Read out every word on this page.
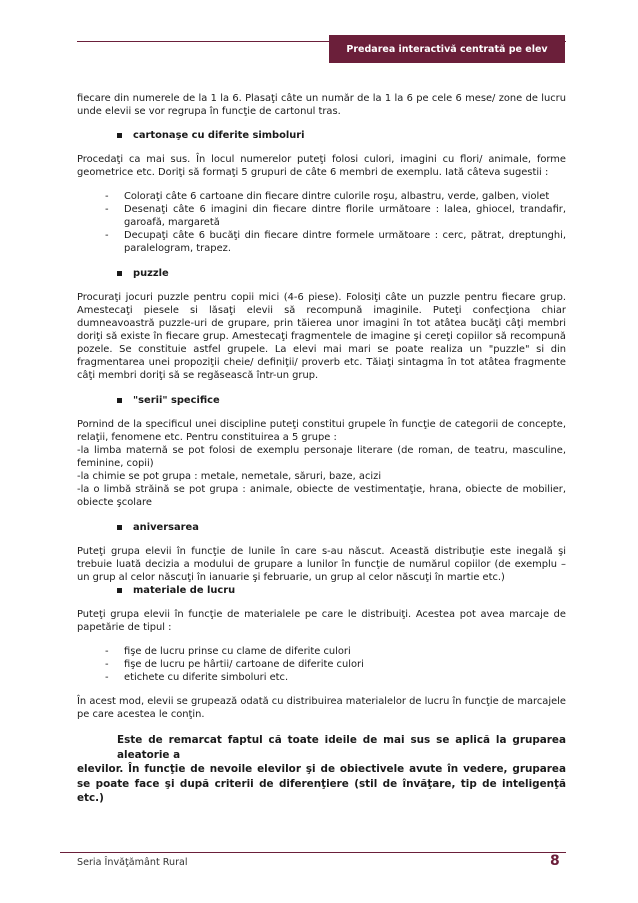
Predarea interactivă centrată pe elev

fiecare din numerele de la 1 la 6. Plasaţi câte un număr de la 1 la 6 pe cele 6 mese/ zone de lucru unde elevii se vor regrupa în funcţie de cartonul tras.

cartonaşe cu diferite simboluri

Procedaţi ca mai sus. În locul numerelor puteţi folosi culori, imagini cu flori/ animale, forme geometrice etc. Doriţi să formaţi 5 grupuri de câte 6 membri de exemplu. Iată câteva sugestii :

- Coloraţi câte 6 cartoane din fiecare dintre culorile roşu, albastru, verde, galben, violet
- Desenaţi câte 6 imagini din fiecare dintre florile următoare : lalea, ghiocel, trandafir, garoafă, margaretă
- Decupaţi câte 6 bucăţi din fiecare dintre formele următoare : cerc, pătrat, dreptunghi, paralelogram, trapez.
puzzle

Procuraţi jocuri puzzle pentru copii mici (4-6 piese). Folosiţi câte un puzzle pentru fiecare grup. Amestecaţi piesele si lăsaţi elevii să recompună imaginile. Puteţi confecţiona chiar dumneavoastră puzzle-uri de grupare, prin tăierea unor imagini în tot atâtea bucăţi câţi membri doriţi să existe în fiecare grup. Amestecaţi fragmentele de imagine şi cereţi copiilor să recompună pozele. Se constituie astfel grupele. La elevi mai mari se poate realiza un "puzzle" si din fragmentarea unei propoziţii cheie/ definiţii/ proverb etc. Tăiaţi sintagma în tot atâtea fragmente câţi membri doriţi să se regăsească într-un grup.

"serii" specifice

Pornind de la specificul unei discipline puteţi constitui grupele în funcţie de categorii de concepte, relaţii, fenomene etc. Pentru constituirea a 5 grupe :

-la limba maternă se pot folosi de exemplu personaje literare (de roman, de teatru, masculine, feminine, copii)

-la chimie se pot grupa : metale, nemetale, săruri, baze, acizi

-la o limbă străină se pot grupa : animale, obiecte de vestimentaţie, hrana, obiecte de mobilier, obiecte şcolare

aniversarea

Puteţi grupa elevii în funcţie de lunile în care s-au născut. Această distribuţie este inegală şi trebuie luată decizia a modului de grupare a lunilor în funcţie de numărul copiilor (de exemplu – un grup al celor născuţi în ianuarie şi februarie, un grup al celor născuţi în martie etc.)

materiale de lucru

Puteţi grupa elevii în funcţie de materialele pe care le distribuiţi. Acestea pot avea marcaje de papetărie de tipul :

- fişe de lucru prinse cu clame de diferite culori
- fişe de lucru pe hârtii/ cartoane de diferite culori
- etichete cu diferite simboluri etc.

În acest mod, elevii se grupează odată cu distribuirea materialelor de lucru în funcţie de marcajele pe care acestea le conţin.

Este de remarcat faptul că toate ideile de mai sus se aplică la gruparea aleatorie a
elevilor. În funcţie de nevoile elevilor şi de obiectivele avute în vedere, gruparea se poate face şi după criterii de diferenţiere (stil de învăţare, tip de inteligenţă etc.)
Seria Învăţământ Rural	8
